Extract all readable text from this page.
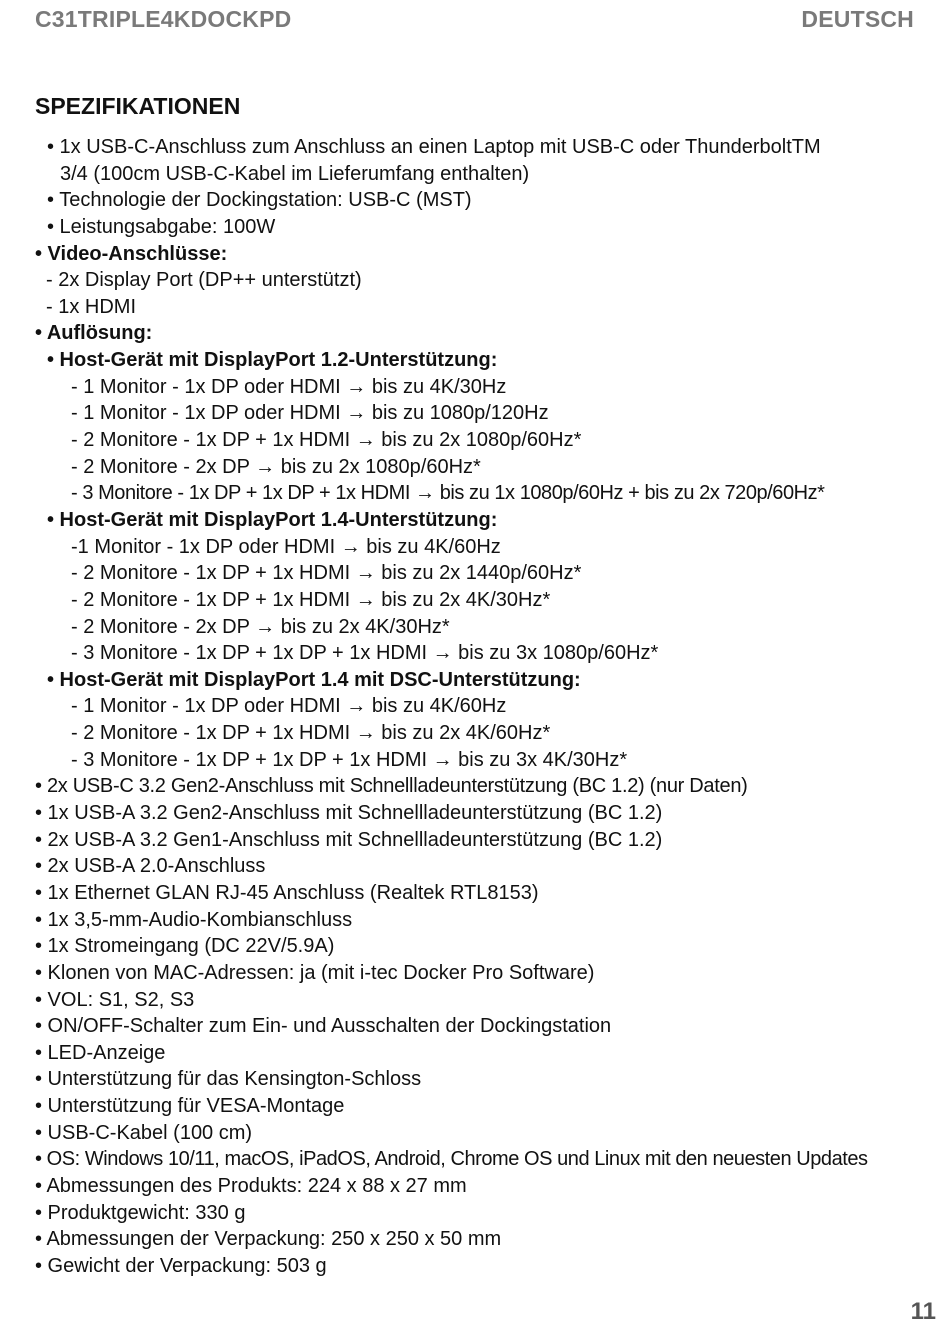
C31TRIPLE4KDOCKPD	DEUTSCH
SPEZIFIKATIONEN
• 1x USB-C-Anschluss zum Anschluss an einen Laptop mit USB-C oder ThunderboltTM
3/4 (100cm USB-C-Kabel im Lieferumfang enthalten)
• Technologie der Dockingstation: USB-C (MST)
• Leistungsabgabe: 100W
• Video-Anschlüsse:
- 2x Display Port (DP++ unterstützt)
- 1x HDMI
• Auflösung:
• Host-Gerät mit DisplayPort 1.2-Unterstützung:
- 1 Monitor - 1x DP oder HDMI → bis zu 4K/30Hz
- 1 Monitor - 1x DP oder HDMI → bis zu 1080p/120Hz
- 2 Monitore - 1x DP + 1x HDMI → bis zu 2x 1080p/60Hz*
- 2 Monitore - 2x DP → bis zu 2x 1080p/60Hz*
- 3 Monitore - 1x DP + 1x DP + 1x HDMI → bis zu 1x 1080p/60Hz + bis zu 2x 720p/60Hz*
• Host-Gerät mit DisplayPort 1.4-Unterstützung:
-1 Monitor - 1x DP oder HDMI → bis zu 4K/60Hz
- 2 Monitore - 1x DP + 1x HDMI → bis zu 2x 1440p/60Hz*
- 2 Monitore - 1x DP + 1x HDMI → bis zu 2x 4K/30Hz*
- 2 Monitore - 2x DP → bis zu 2x 4K/30Hz*
- 3 Monitore - 1x DP + 1x DP + 1x HDMI → bis zu 3x 1080p/60Hz*
• Host-Gerät mit DisplayPort 1.4 mit DSC-Unterstützung:
- 1 Monitor - 1x DP oder HDMI → bis zu 4K/60Hz
- 2 Monitore - 1x DP + 1x HDMI → bis zu 2x 4K/60Hz*
- 3 Monitore - 1x DP + 1x DP + 1x HDMI → bis zu 3x 4K/30Hz*
• 2x USB-C 3.2 Gen2-Anschluss mit Schnellladeunterstützung (BC 1.2) (nur Daten)
• 1x USB-A 3.2 Gen2-Anschluss mit Schnellladeunterstützung (BC 1.2)
• 2x USB-A 3.2 Gen1-Anschluss mit Schnellladeunterstützung (BC 1.2)
• 2x USB-A 2.0-Anschluss
• 1x Ethernet GLAN RJ-45 Anschluss (Realtek RTL8153)
• 1x 3,5-mm-Audio-Kombianschluss
• 1x Stromeingang (DC 22V/5.9A)
• Klonen von MAC-Adressen: ja (mit i-tec Docker Pro Software)
• VOL: S1, S2, S3
• ON/OFF-Schalter zum Ein- und Ausschalten der Dockingstation
• LED-Anzeige
• Unterstützung für das Kensington-Schloss
• Unterstützung für VESA-Montage
• USB-C-Kabel (100 cm)
• OS: Windows 10/11, macOS, iPadOS, Android, Chrome OS und Linux mit den neuesten Updates
• Abmessungen des Produkts: 224 x 88 x 27 mm
• Produktgewicht: 330 g
• Abmessungen der Verpackung: 250 x 250 x 50 mm
• Gewicht der Verpackung: 503 g
11
